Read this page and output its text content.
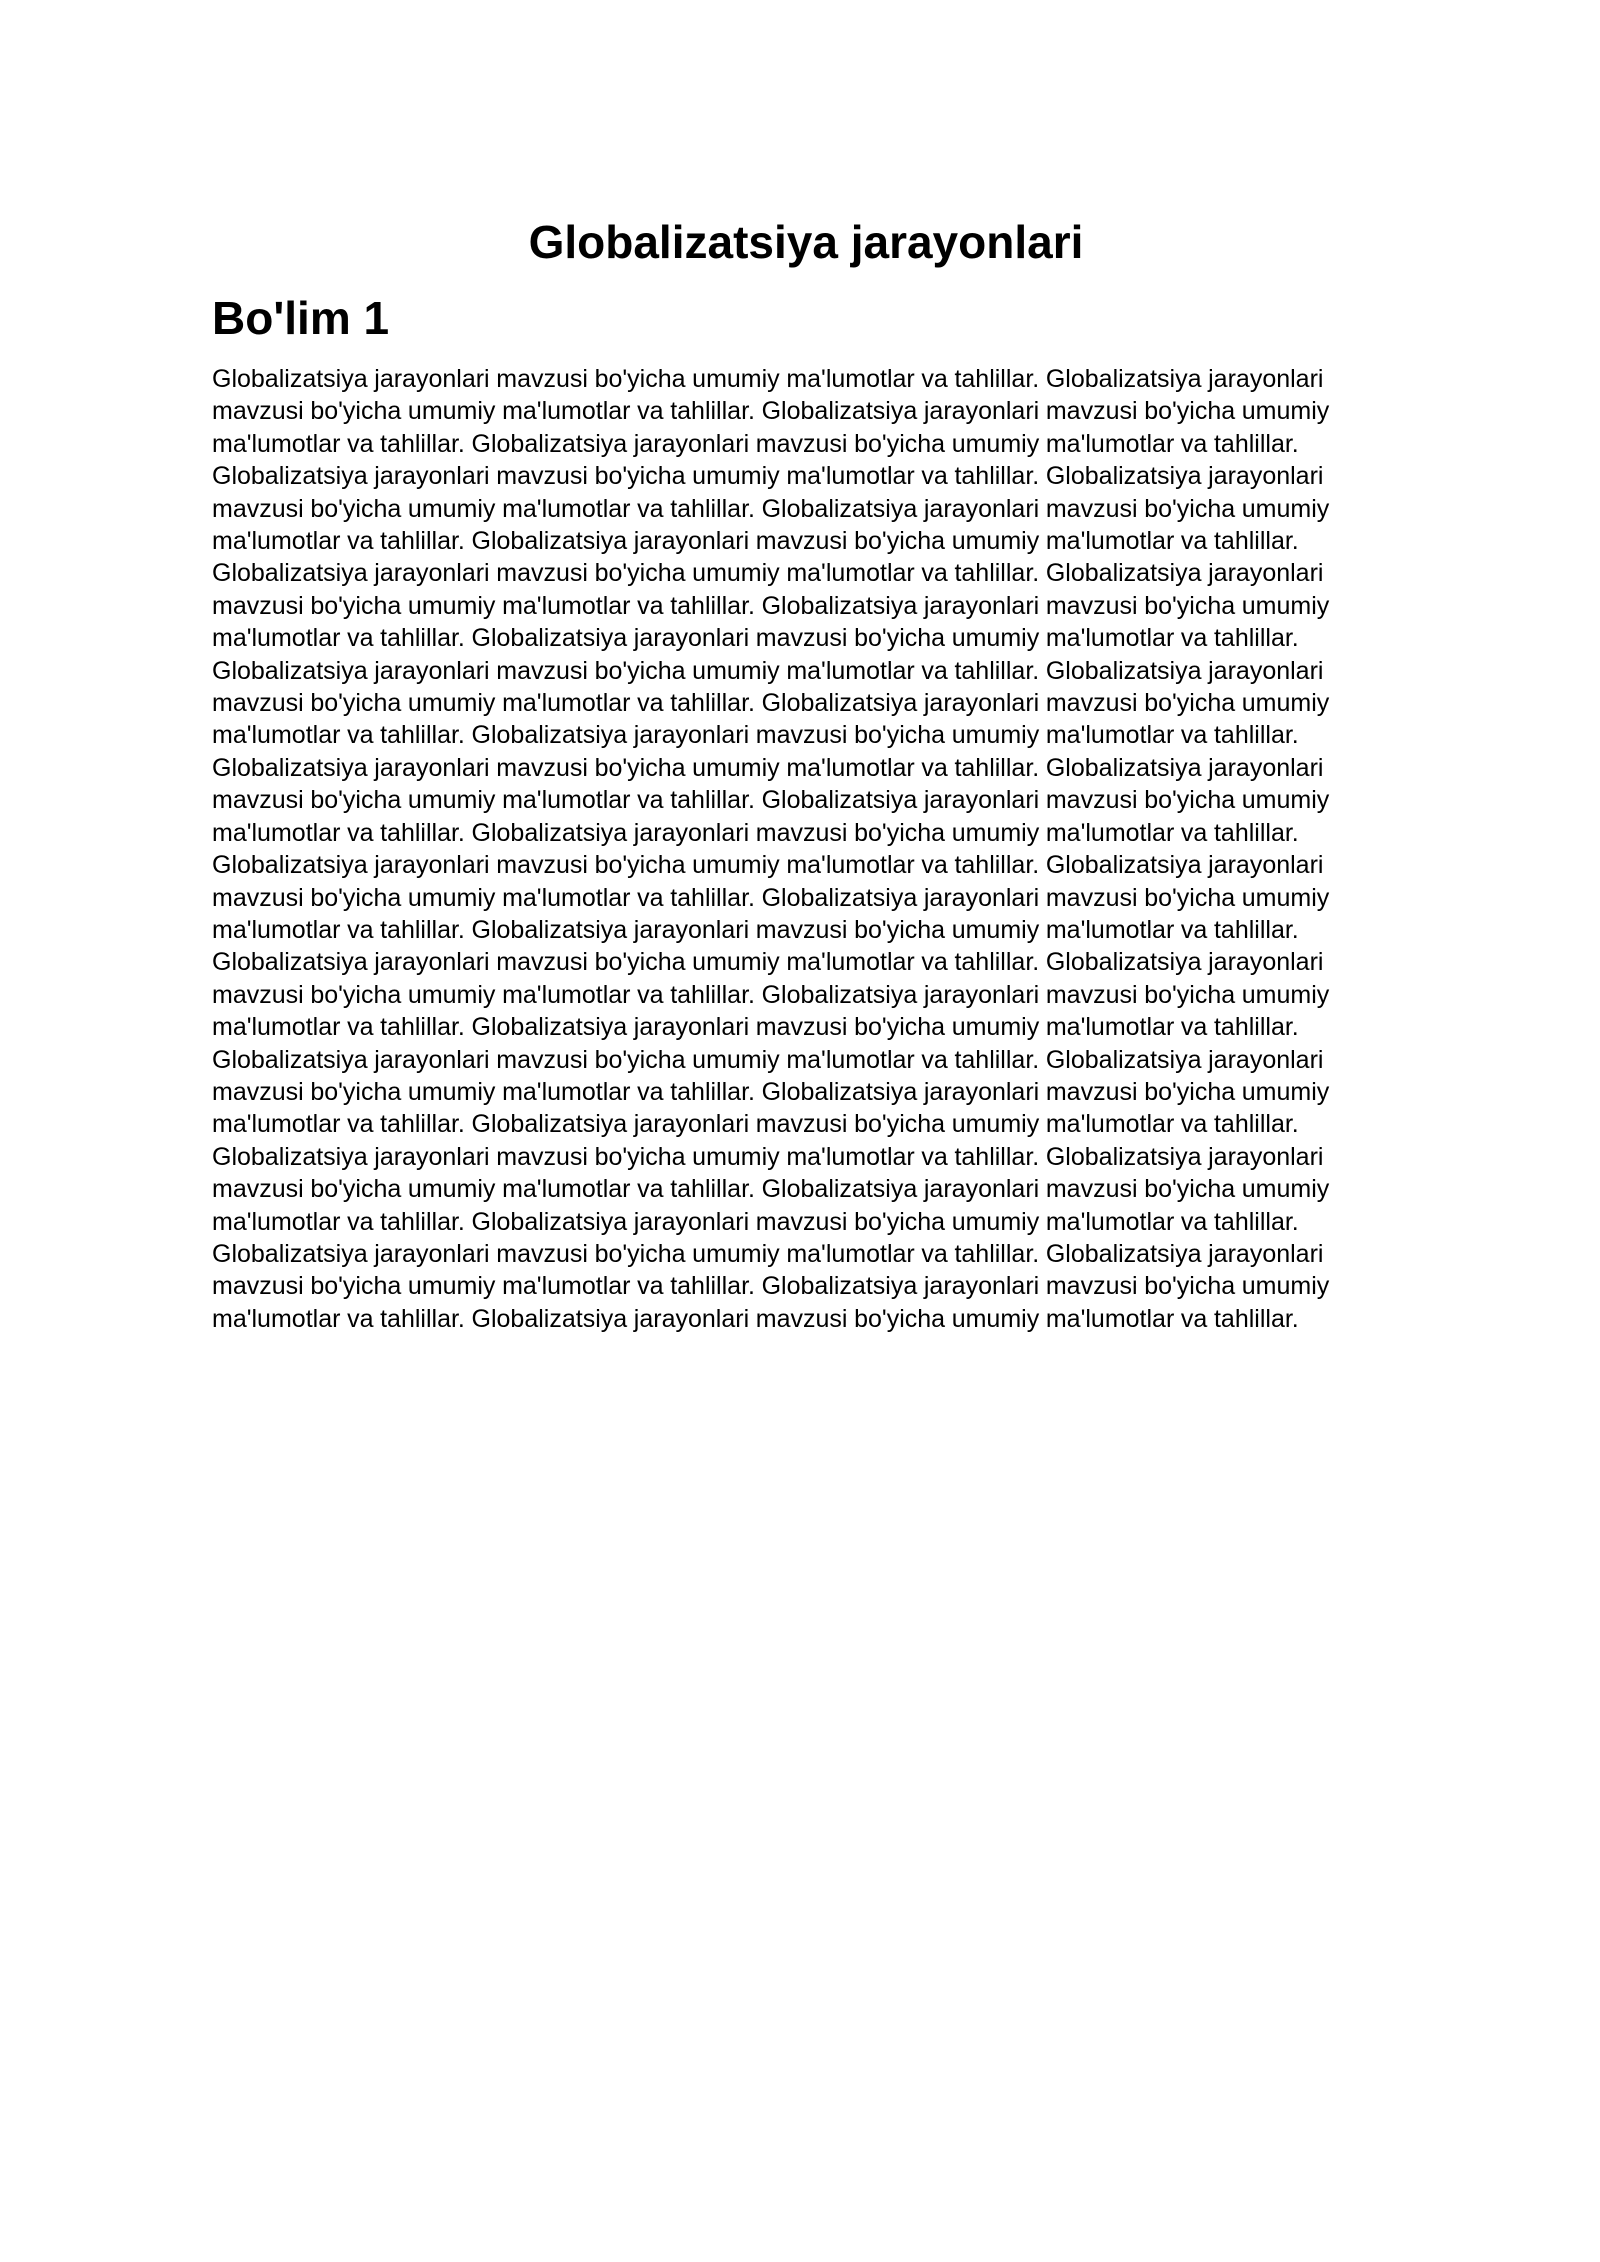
Globalizatsiya jarayonlari
Bo'lim 1

Globalizatsiya jarayonlari mavzusi bo'yicha umumiy ma'lumotlar va tahlillar. Globalizatsiya jarayonlari mavzusi bo'yicha umumiy ma'lumotlar va tahlillar. Globalizatsiya jarayonlari mavzusi bo'yicha umumiy ma'lumotlar va tahlillar. Globalizatsiya jarayonlari mavzusi bo'yicha umumiy ma'lumotlar va tahlillar. Globalizatsiya jarayonlari mavzusi bo'yicha umumiy ma'lumotlar va tahlillar. Globalizatsiya jarayonlari mavzusi bo'yicha umumiy ma'lumotlar va tahlillar. Globalizatsiya jarayonlari mavzusi bo'yicha umumiy ma'lumotlar va tahlillar. Globalizatsiya jarayonlari mavzusi bo'yicha umumiy ma'lumotlar va tahlillar. Globalizatsiya jarayonlari mavzusi bo'yicha umumiy ma'lumotlar va tahlillar. Globalizatsiya jarayonlari mavzusi bo'yicha umumiy ma'lumotlar va tahlillar. Globalizatsiya jarayonlari mavzusi bo'yicha umumiy ma'lumotlar va tahlillar. Globalizatsiya jarayonlari mavzusi bo'yicha umumiy ma'lumotlar va tahlillar. Globalizatsiya jarayonlari mavzusi bo'yicha umumiy ma'lumotlar va tahlillar. Globalizatsiya jarayonlari mavzusi bo'yicha umumiy ma'lumotlar va tahlillar. Globalizatsiya jarayonlari mavzusi bo'yicha umumiy ma'lumotlar va tahlillar. Globalizatsiya jarayonlari mavzusi bo'yicha umumiy ma'lumotlar va tahlillar. Globalizatsiya jarayonlari mavzusi bo'yicha umumiy ma'lumotlar va tahlillar. Globalizatsiya jarayonlari mavzusi bo'yicha umumiy ma'lumotlar va tahlillar. Globalizatsiya jarayonlari mavzusi bo'yicha umumiy ma'lumotlar va tahlillar. Globalizatsiya jarayonlari mavzusi bo'yicha umumiy ma'lumotlar va tahlillar. Globalizatsiya jarayonlari mavzusi bo'yicha umumiy ma'lumotlar va tahlillar. Globalizatsiya jarayonlari mavzusi bo'yicha umumiy ma'lumotlar va tahlillar. Globalizatsiya jarayonlari mavzusi bo'yicha umumiy ma'lumotlar va tahlillar. Globalizatsiya jarayonlari mavzusi bo'yicha umumiy ma'lumotlar va tahlillar. Globalizatsiya jarayonlari mavzusi bo'yicha umumiy ma'lumotlar va tahlillar. Globalizatsiya jarayonlari mavzusi bo'yicha umumiy ma'lumotlar va tahlillar. Globalizatsiya jarayonlari mavzusi bo'yicha umumiy ma'lumotlar va tahlillar. Globalizatsiya jarayonlari mavzusi bo'yicha umumiy ma'lumotlar va tahlillar. Globalizatsiya jarayonlari mavzusi bo'yicha umumiy ma'lumotlar va tahlillar. Globalizatsiya jarayonlari mavzusi bo'yicha umumiy ma'lumotlar va tahlillar. Globalizatsiya jarayonlari mavzusi bo'yicha umumiy ma'lumotlar va tahlillar. Globalizatsiya jarayonlari mavzusi bo'yicha umumiy ma'lumotlar va tahlillar. Globalizatsiya jarayonlari mavzusi bo'yicha umumiy ma'lumotlar va tahlillar. Globalizatsiya jarayonlari mavzusi bo'yicha umumiy ma'lumotlar va tahlillar. Globalizatsiya jarayonlari mavzusi bo'yicha umumiy ma'lumotlar va tahlillar. Globalizatsiya jarayonlari mavzusi bo'yicha umumiy ma'lumotlar va tahlillar. Globalizatsiya jarayonlari mavzusi bo'yicha umumiy ma'lumotlar va tahlillar. Globalizatsiya jarayonlari mavzusi bo'yicha umumiy ma'lumotlar va tahlillar. Globalizatsiya jarayonlari mavzusi bo'yicha umumiy ma'lumotlar va tahlillar. Globalizatsiya jarayonlari mavzusi bo'yicha umumiy ma'lumotlar va tahlillar.
